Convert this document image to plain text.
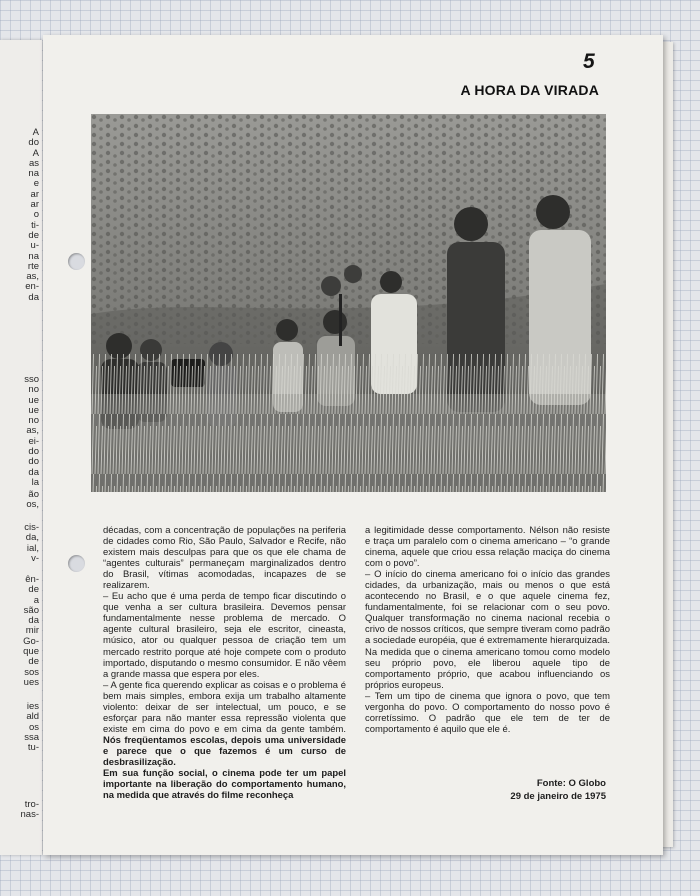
A
do
A
as
na
e
ar
ar
o
ti-
de
u-
na
rte
as,
en-
da
sso
no
ue
ue
no
as,
ei-
do
do
da
la
ão
os,
cis-
da,
ial,
v-
ên-
de
a
são
da
mir
Go-
que
de
sos
ues
ies
ald
os
ssa
tu-
tro-
nas-
5
A HORA DA VIRADA

décadas, com a concentração de populações na periferia de cidades como Rio, São Paulo, Salvador e Recife, não existem mais desculpas para que os que ele chama de “agentes culturais” permaneçam marginalizados dentro do Brasil, vítimas acomodadas, incapazes de se realizarem.

– Eu acho que é uma perda de tempo ficar discutindo o que venha a ser cultura brasileira. Devemos pensar fundamentalmente nesse problema de mercado. O agente cultural brasileiro, seja ele escritor, cineasta, músico, ator ou qualquer pessoa de criação tem um mercado restrito porque até hoje compete com o produto importado, disputando o mesmo consumidor. E não vêem a grande massa que espera por eles.

– A gente fica querendo explicar as coisas e o problema é bem mais simples, embora exija um trabalho altamente violento: deixar de ser intelectual, um pouco, e se esforçar para não manter essa repressão violenta que existe em cima do povo e em cima da gente também. Nós freqüentamos escolas, depois uma universidade e parece que o que fazemos é um curso de desbrasilização.

Em sua função social, o cinema pode ter um papel importante na liberação do comportamento humano, na medida que através do filme reconheça

a legitimidade desse comportamento. Nélson não resiste e traça um paralelo com o cinema americano – “o grande cinema, aquele que criou essa relação maciça do cinema com o povo”.

– O início do cinema americano foi o início das grandes cidades, da urbanização, mais ou menos o que está acontecendo no Brasil, e o que aquele cinema fez, fundamentalmente, foi se relacionar com o seu povo. Qualquer transformação no cinema nacional recebia o crivo de nossos críticos, que sempre tiveram como padrão a sociedade européia, que é extremamente hierarquizada. Na medida que o cinema americano tomou como modelo seu próprio povo, ele liberou aquele tipo de comportamento próprio, que acabou influenciando os próprios europeus.

– Tem um tipo de cinema que ignora o povo, que tem vergonha do povo. O comportamento do nosso povo é corretíssimo. O padrão que ele tem de ter de comportamento é aquilo que ele é.

Fonte: O Globo
29 de janeiro de 1975
